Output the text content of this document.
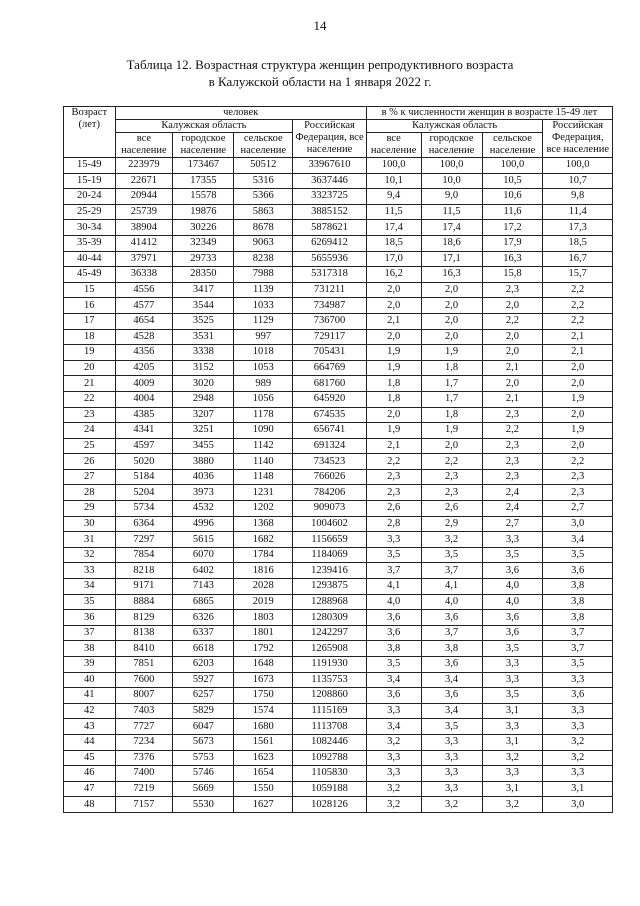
14
Таблица 12. Возрастная структура женщин репродуктивного возраста
в Калужской области на 1 января 2022 г.
Возраст (лет)	человек				в % к численности женщин в возрасте 15-49 лет			
	Калужская область			Российская Федерация, все население	Калужская область			Российская Федерация, все население
	все население	городское население	сельское население		все население	городское население	сельское население	
15-49	223979	173467	50512	33967610	100,0	100,0	100,0	100,0
15-19	22671	17355	5316	3637446	10,1	10,0	10,5	10,7
20-24	20944	15578	5366	3323725	9,4	9,0	10,6	9,8
25-29	25739	19876	5863	3885152	11,5	11,5	11,6	11,4
30-34	38904	30226	8678	5878621	17,4	17,4	17,2	17,3
35-39	41412	32349	9063	6269412	18,5	18,6	17,9	18,5
40-44	37971	29733	8238	5655936	17,0	17,1	16,3	16,7
45-49	36338	28350	7988	5317318	16,2	16,3	15,8	15,7
15	4556	3417	1139	731211	2,0	2,0	2,3	2,2
16	4577	3544	1033	734987	2,0	2,0	2,0	2,2
17	4654	3525	1129	736700	2,1	2,0	2,2	2,2
18	4528	3531	997	729117	2,0	2,0	2,0	2,1
19	4356	3338	1018	705431	1,9	1,9	2,0	2,1
20	4205	3152	1053	664769	1,9	1,8	2,1	2,0
21	4009	3020	989	681760	1,8	1,7	2,0	2,0
22	4004	2948	1056	645920	1,8	1,7	2,1	1,9
23	4385	3207	1178	674535	2,0	1,8	2,3	2,0
24	4341	3251	1090	656741	1,9	1,9	2,2	1,9
25	4597	3455	1142	691324	2,1	2,0	2,3	2,0
26	5020	3880	1140	734523	2,2	2,2	2,3	2,2
27	5184	4036	1148	766026	2,3	2,3	2,3	2,3
28	5204	3973	1231	784206	2,3	2,3	2,4	2,3
29	5734	4532	1202	909073	2,6	2,6	2,4	2,7
30	6364	4996	1368	1004602	2,8	2,9	2,7	3,0
31	7297	5615	1682	1156659	3,3	3,2	3,3	3,4
32	7854	6070	1784	1184069	3,5	3,5	3,5	3,5
33	8218	6402	1816	1239416	3,7	3,7	3,6	3,6
34	9171	7143	2028	1293875	4,1	4,1	4,0	3,8
35	8884	6865	2019	1288968	4,0	4,0	4,0	3,8
36	8129	6326	1803	1280309	3,6	3,6	3,6	3,8
37	8138	6337	1801	1242297	3,6	3,7	3,6	3,7
38	8410	6618	1792	1265908	3,8	3,8	3,5	3,7
39	7851	6203	1648	1191930	3,5	3,6	3,3	3,5
40	7600	5927	1673	1135753	3,4	3,4	3,3	3,3
41	8007	6257	1750	1208860	3,6	3,6	3,5	3,6
42	7403	5829	1574	1115169	3,3	3,4	3,1	3,3
43	7727	6047	1680	1113708	3,4	3,5	3,3	3,3
44	7234	5673	1561	1082446	3,2	3,3	3,1	3,2
45	7376	5753	1623	1092788	3,3	3,3	3,2	3,2
46	7400	5746	1654	1105830	3,3	3,3	3,3	3,3
47	7219	5669	1550	1059188	3,2	3,3	3,1	3,1
48	7157	5530	1627	1028126	3,2	3,2	3,2	3,0
